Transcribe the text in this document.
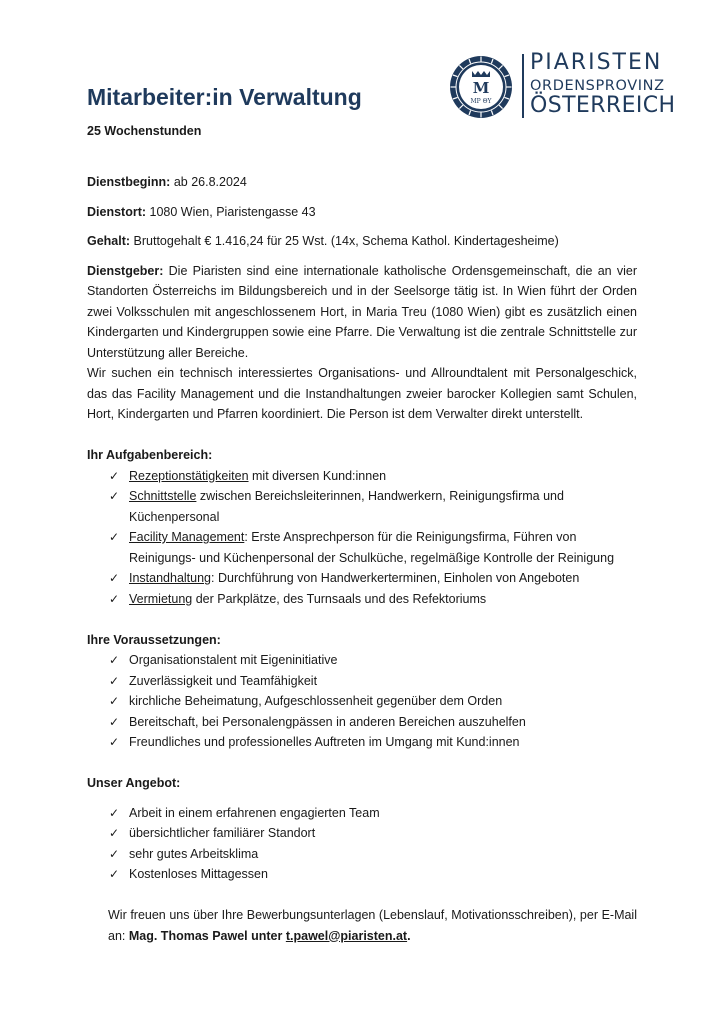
M
MP ΘY
PIARISTEN
ORDENSPROVINZ
ÖSTERREICH
Mitarbeiter:in Verwaltung
25 Wochenstunden

Dienstbeginn: ab 26.8.2024

Dienstort: 1080 Wien, Piaristengasse 43

Gehalt: Bruttogehalt € 1.416,24 für 25 Wst. (14x, Schema Kathol. Kindertagesheime)

Dienstgeber: Die Piaristen sind eine internationale katholische Ordensgemeinschaft, die an vier Standorten Österreichs im Bildungsbereich und in der Seelsorge tätig ist. In Wien führt der Orden zwei Volksschulen mit angeschlossenem Hort, in Maria Treu (1080 Wien) gibt es zusätzlich einen Kindergarten und Kindergruppen sowie eine Pfarre. Die Verwaltung ist die zentrale Schnittstelle zur Unterstützung aller Bereiche.

Wir suchen ein technisch interessiertes Organisations- und Allroundtalent mit Personalgeschick, das das Facility Management und die Instandhaltungen zweier barocker Kollegien samt Schulen, Hort, Kindergarten und Pfarren koordiniert. Die Person ist dem Verwalter direkt unterstellt.

Ihr Aufgabenbereich:

✓ Rezeptionstätigkeiten mit diversen Kund:innen
✓ Schnittstelle zwischen Bereichsleiterinnen, Handwerkern, Reinigungsfirma und Küchenpersonal
✓ Facility Management: Erste Ansprechperson für die Reinigungsfirma, Führen von Reinigungs- und Küchenpersonal der Schulküche, regelmäßige Kontrolle der Reinigung
✓ Instandhaltung: Durchführung von Handwerkerterminen, Einholen von Angeboten
✓ Vermietung der Parkplätze, des Turnsaals und des Refektoriums

Ihre Voraussetzungen:

✓ Organisationstalent mit Eigeninitiative
✓ Zuverlässigkeit und Teamfähigkeit
✓ kirchliche Beheimatung, Aufgeschlossenheit gegenüber dem Orden
✓ Bereitschaft, bei Personalengpässen in anderen Bereichen auszuhelfen
✓ Freundliches und professionelles Auftreten im Umgang mit Kund:innen

Unser Angebot:

✓ Arbeit in einem erfahrenen engagierten Team
✓ übersichtlicher familiärer Standort
✓ sehr gutes Arbeitsklima
✓ Kostenloses Mittagessen

Wir freuen uns über Ihre Bewerbungsunterlagen (Lebenslauf, Motivationsschreiben), per E-Mail an: Mag. Thomas Pawel unter t.pawel@piaristen.at.
